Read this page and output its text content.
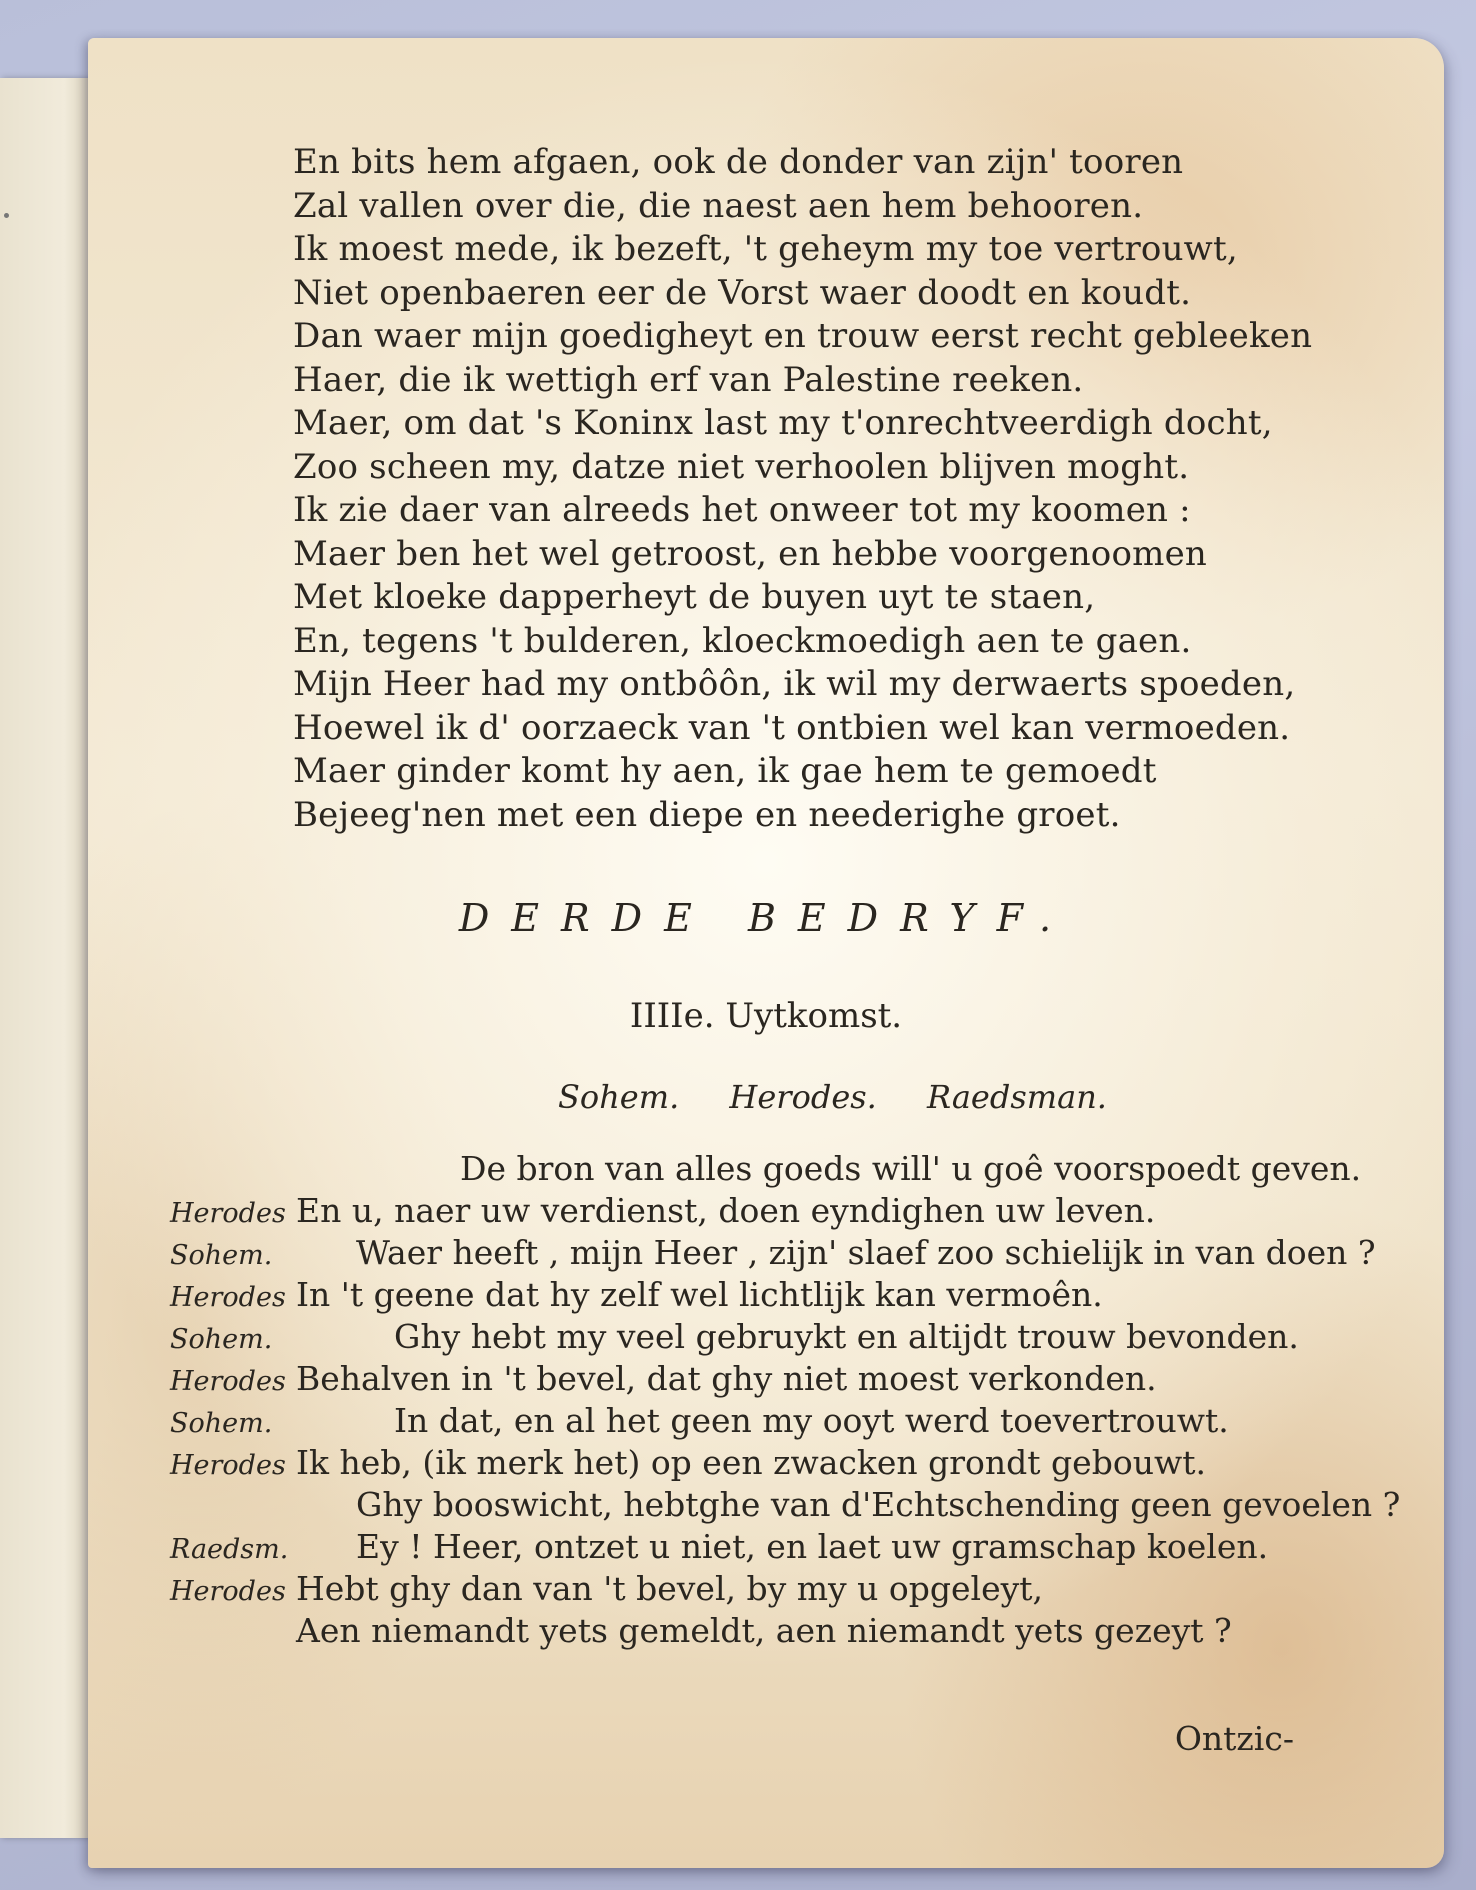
En bits hem afgaen, ook de donder van zijn' tooren
Zal vallen over die, die naest aen hem behooren.
Ik moest mede, ik bezeft, 't geheym my toe vertrouwt,
Niet openbaeren eer de Vorst waer doodt en koudt.
Dan waer mijn goedigheyt en trouw eerst recht gebleeken
Haer, die ik wettigh erf van Palestine reeken.
Maer, om dat 's Koninx last my t'onrechtveerdigh docht,
Zoo scheen my, datze niet verhoolen blijven moght.
Ik zie daer van alreeds het onweer tot my koomen :
Maer ben het wel getroost, en hebbe voorgenoomen
Met kloeke dapperheyt de buyen uyt te staen,
En, tegens 't bulderen, kloeckmoedigh aen te gaen.
Mijn Heer had my ontbôôn, ik wil my derwaerts spoeden,
Hoewel ik d' oorzaeck van 't ontbien wel kan vermoeden.
Maer ginder komt hy aen, ik gae hem te gemoedt
Bejeeg'nen met een diepe en neederighe groet.
DERDE BEDRYF.
IIIIe. Uytkomst.
Sohem. Herodes. Raedsman.
De bron van alles goeds will' u goê voorspoedt geven.
Herodes En u, naer uw verdienst, doen eyndighen uw leven.
Sohem.	Waer heeft , mijn Heer , zijn' slaef zoo schielijk in van doen ?
Herodes In 't geene dat hy zelf wel lichtlijk kan vermoên.
Sohem.	Ghy hebt my veel gebruykt en altijdt trouw bevonden.
Herodes Behalven in 't bevel, dat ghy niet moest verkonden.
Sohem.	In dat, en al het geen my ooyt werd toevertrouwt.
Herodes Ik heb, (ik merk het) op een zwacken grondt gebouwt.
Ghy booswicht, hebtghe van d'Echtschending geen gevoelen ?
Raedsm.	Ey ! Heer, ontzet u niet, en laet uw gramschap koelen.
Herodes Hebt ghy dan van 't bevel, by my u opgeleyt,
Aen niemandt yets gemeldt, aen niemandt yets gezeyt ?
Ontzic-
